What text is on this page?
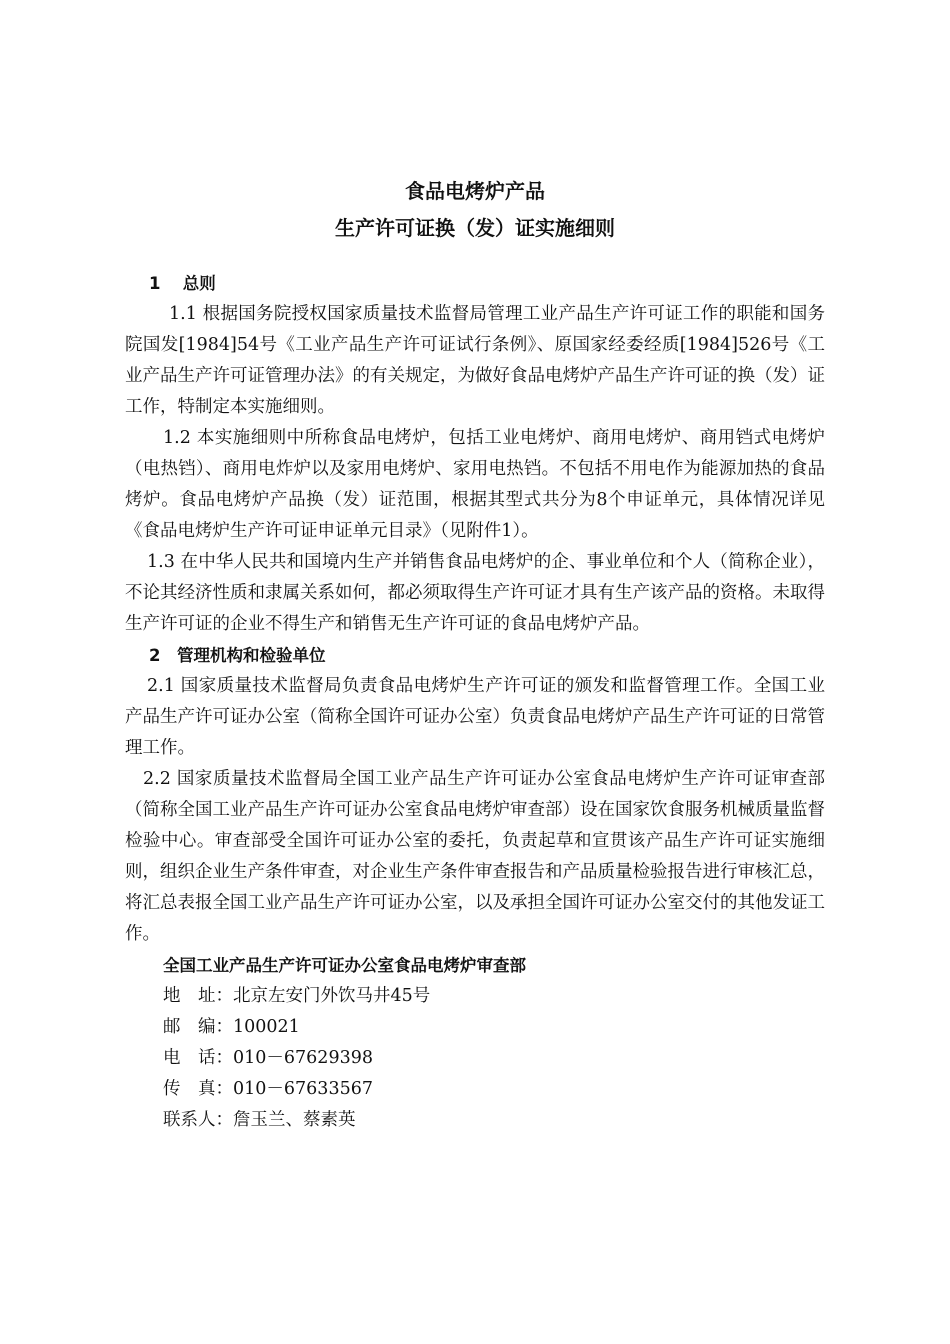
食品电烤炉产品

生产许可证换（发）证实施细则

1　 总则

1.1 根据国务院授权国家质量技术监督局管理工业产品生产许可证工作的职能和国务院国发[1984]54号《工业产品生产许可证试行条例》、原国家经委经质[1984]526号《工业产品生产许可证管理办法》的有关规定，为做好食品电烤炉产品生产许可证的换（发）证工作，特制定本实施细则。

1.2 本实施细则中所称食品电烤炉，包括工业电烤炉、商用电烤炉、商用铛式电烤炉（电热铛）、商用电炸炉以及家用电烤炉、家用电热铛。不包括不用电作为能源加热的食品烤炉。食品电烤炉产品换（发）证范围，根据其型式共分为8个申证单元，具体情况详见《食品电烤炉生产许可证申证单元目录》（见附件1）。

1.3 在中华人民共和国境内生产并销售食品电烤炉的企、事业单位和个人（简称企业），不论其经济性质和隶属关系如何，都必须取得生产许可证才具有生产该产品的资格。未取得生产许可证的企业不得生产和销售无生产许可证的食品电烤炉产品。

2　管理机构和检验单位

2.1 国家质量技术监督局负责食品电烤炉生产许可证的颁发和监督管理工作。全国工业产品生产许可证办公室（简称全国许可证办公室）负责食品电烤炉产品生产许可证的日常管理工作。

2.2 国家质量技术监督局全国工业产品生产许可证办公室食品电烤炉生产许可证审查部（简称全国工业产品生产许可证办公室食品电烤炉审查部）设在国家饮食服务机械质量监督检验中心。审查部受全国许可证办公室的委托，负责起草和宣贯该产品生产许可证实施细则，组织企业生产条件审查，对企业生产条件审查报告和产品质量检验报告进行审核汇总，将汇总表报全国工业产品生产许可证办公室，以及承担全国许可证办公室交付的其他发证工作。

全国工业产品生产许可证办公室食品电烤炉审查部

地　址：北京左安门外饮马井45号

邮　编：100021

电　话：010－67629398

传　真：010－67633567

联系人：詹玉兰、蔡素英
